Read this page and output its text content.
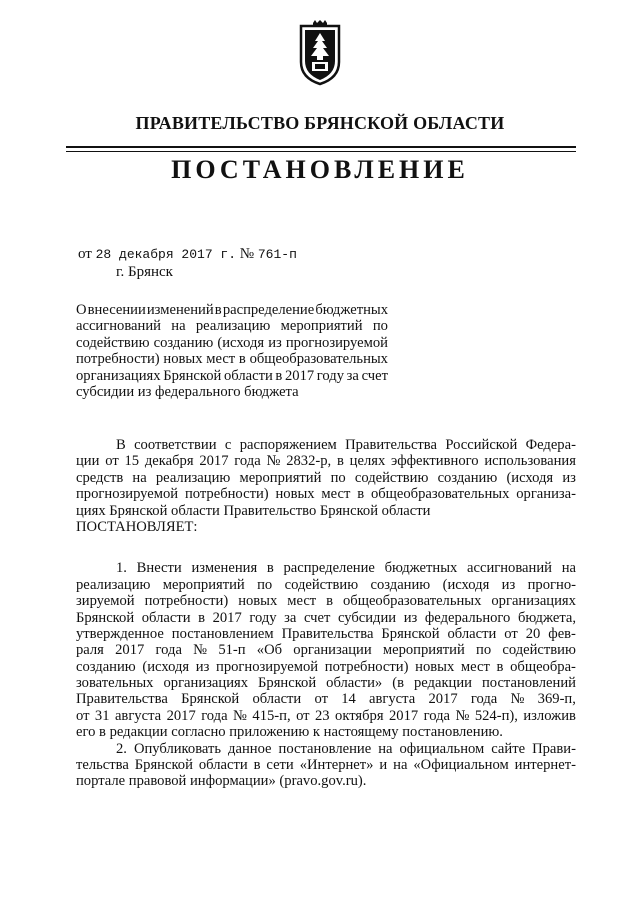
ПРАВИТЕЛЬСТВО БРЯНСКОЙ ОБЛАСТИ
ПОСТАНОВЛЕНИЕ
от 28 декабря 2017 г. № 761-п
г. Брянск
О внесении изменений в распределение бюджетных
ассигнований на реализацию мероприятий по
содействию созданию (исходя из прогнозируемой
потребности) новых мест в общеобразовательных
организациях Брянской области в 2017 году за счет
субсидии из федерального бюджета
В соответствии с распоряжением Правительства Российской Федера-
ции от 15 декабря 2017 года № 2832-р, в целях эффективного использования
средств на реализацию мероприятий по содействию созданию (исходя из
прогнозируемой потребности) новых мест в общеобразовательных организа-
циях Брянской области Правительство Брянской области
ПОСТАНОВЛЯЕТ:
1. Внести изменения в распределение бюджетных ассигнований на
реализацию мероприятий по содействию созданию (исходя из прогно-
зируемой потребности) новых мест в общеобразовательных организациях
Брянской области в 2017 году за счет субсидии из федерального бюджета,
утвержденное постановлением Правительства Брянской области от 20 фев-
раля 2017 года № 51-п «Об организации мероприятий по содействию
созданию (исходя из прогнозируемой потребности) новых мест в общеобра-
зовательных организациях Брянской области» (в редакции постановлений
Правительства Брянской области от 14 августа 2017 года № 369-п,
от 31 августа 2017 года № 415-п, от 23 октября 2017 года № 524-п), изложив
его в редакции согласно приложению к настоящему постановлению.
2. Опубликовать данное постановление на официальном сайте Прави-
тельства Брянской области в сети «Интернет» и на «Официальном интернет-
портале правовой информации» (pravo.gov.ru).
